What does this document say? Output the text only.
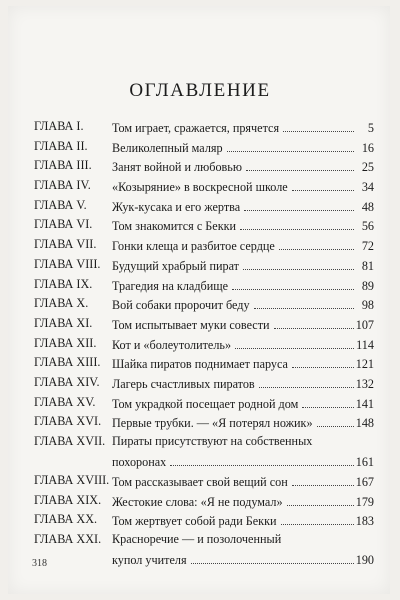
ОГЛАВЛЕНИЕ
ГЛАВА I.	Том играет, сражается, прячется	5
ГЛАВА II.	Великолепный маляр	16
ГЛАВА III.	Занят войной и любовью	25
ГЛАВА IV.	«Козыряние» в воскресной школе	34
ГЛАВА V.	Жук-кусака и его жертва	48
ГЛАВА VI.	Том знакомится с Бекки	56
ГЛАВА VII.	Гонки клеща и разбитое сердце	72
ГЛАВА VIII. Будущий храбрый пират	81
ГЛАВА IX.	Трагедия на кладбище	89
ГЛАВА X.	Вой собаки пророчит беду	98
ГЛАВА XI.	Том испытывает муки совести	107
ГЛАВА XII.	Кот и «болеутолитель»	114
ГЛАВА XIII. Шайка пиратов поднимает паруса	121
ГЛАВА XIV.	Лагерь счастливых пиратов	132
ГЛАВА XV.	Том украдкой посещает родной дом	141
ГЛАВА XVI. Первые трубки. — «Я потерял ножик»	148
ГЛАВА XVII. Пираты присутствуют на собственных
похоронах	161
ГЛАВА XVIII. Том рассказывает свой вещий сон	167
ГЛАВА XIX. Жестокие слова: «Я не подумал»	179
ГЛАВА XX.	Том жертвует собой ради Бекки	183
ГЛАВА XXI. Красноречие — и позолоченный
купол учителя	190
318
